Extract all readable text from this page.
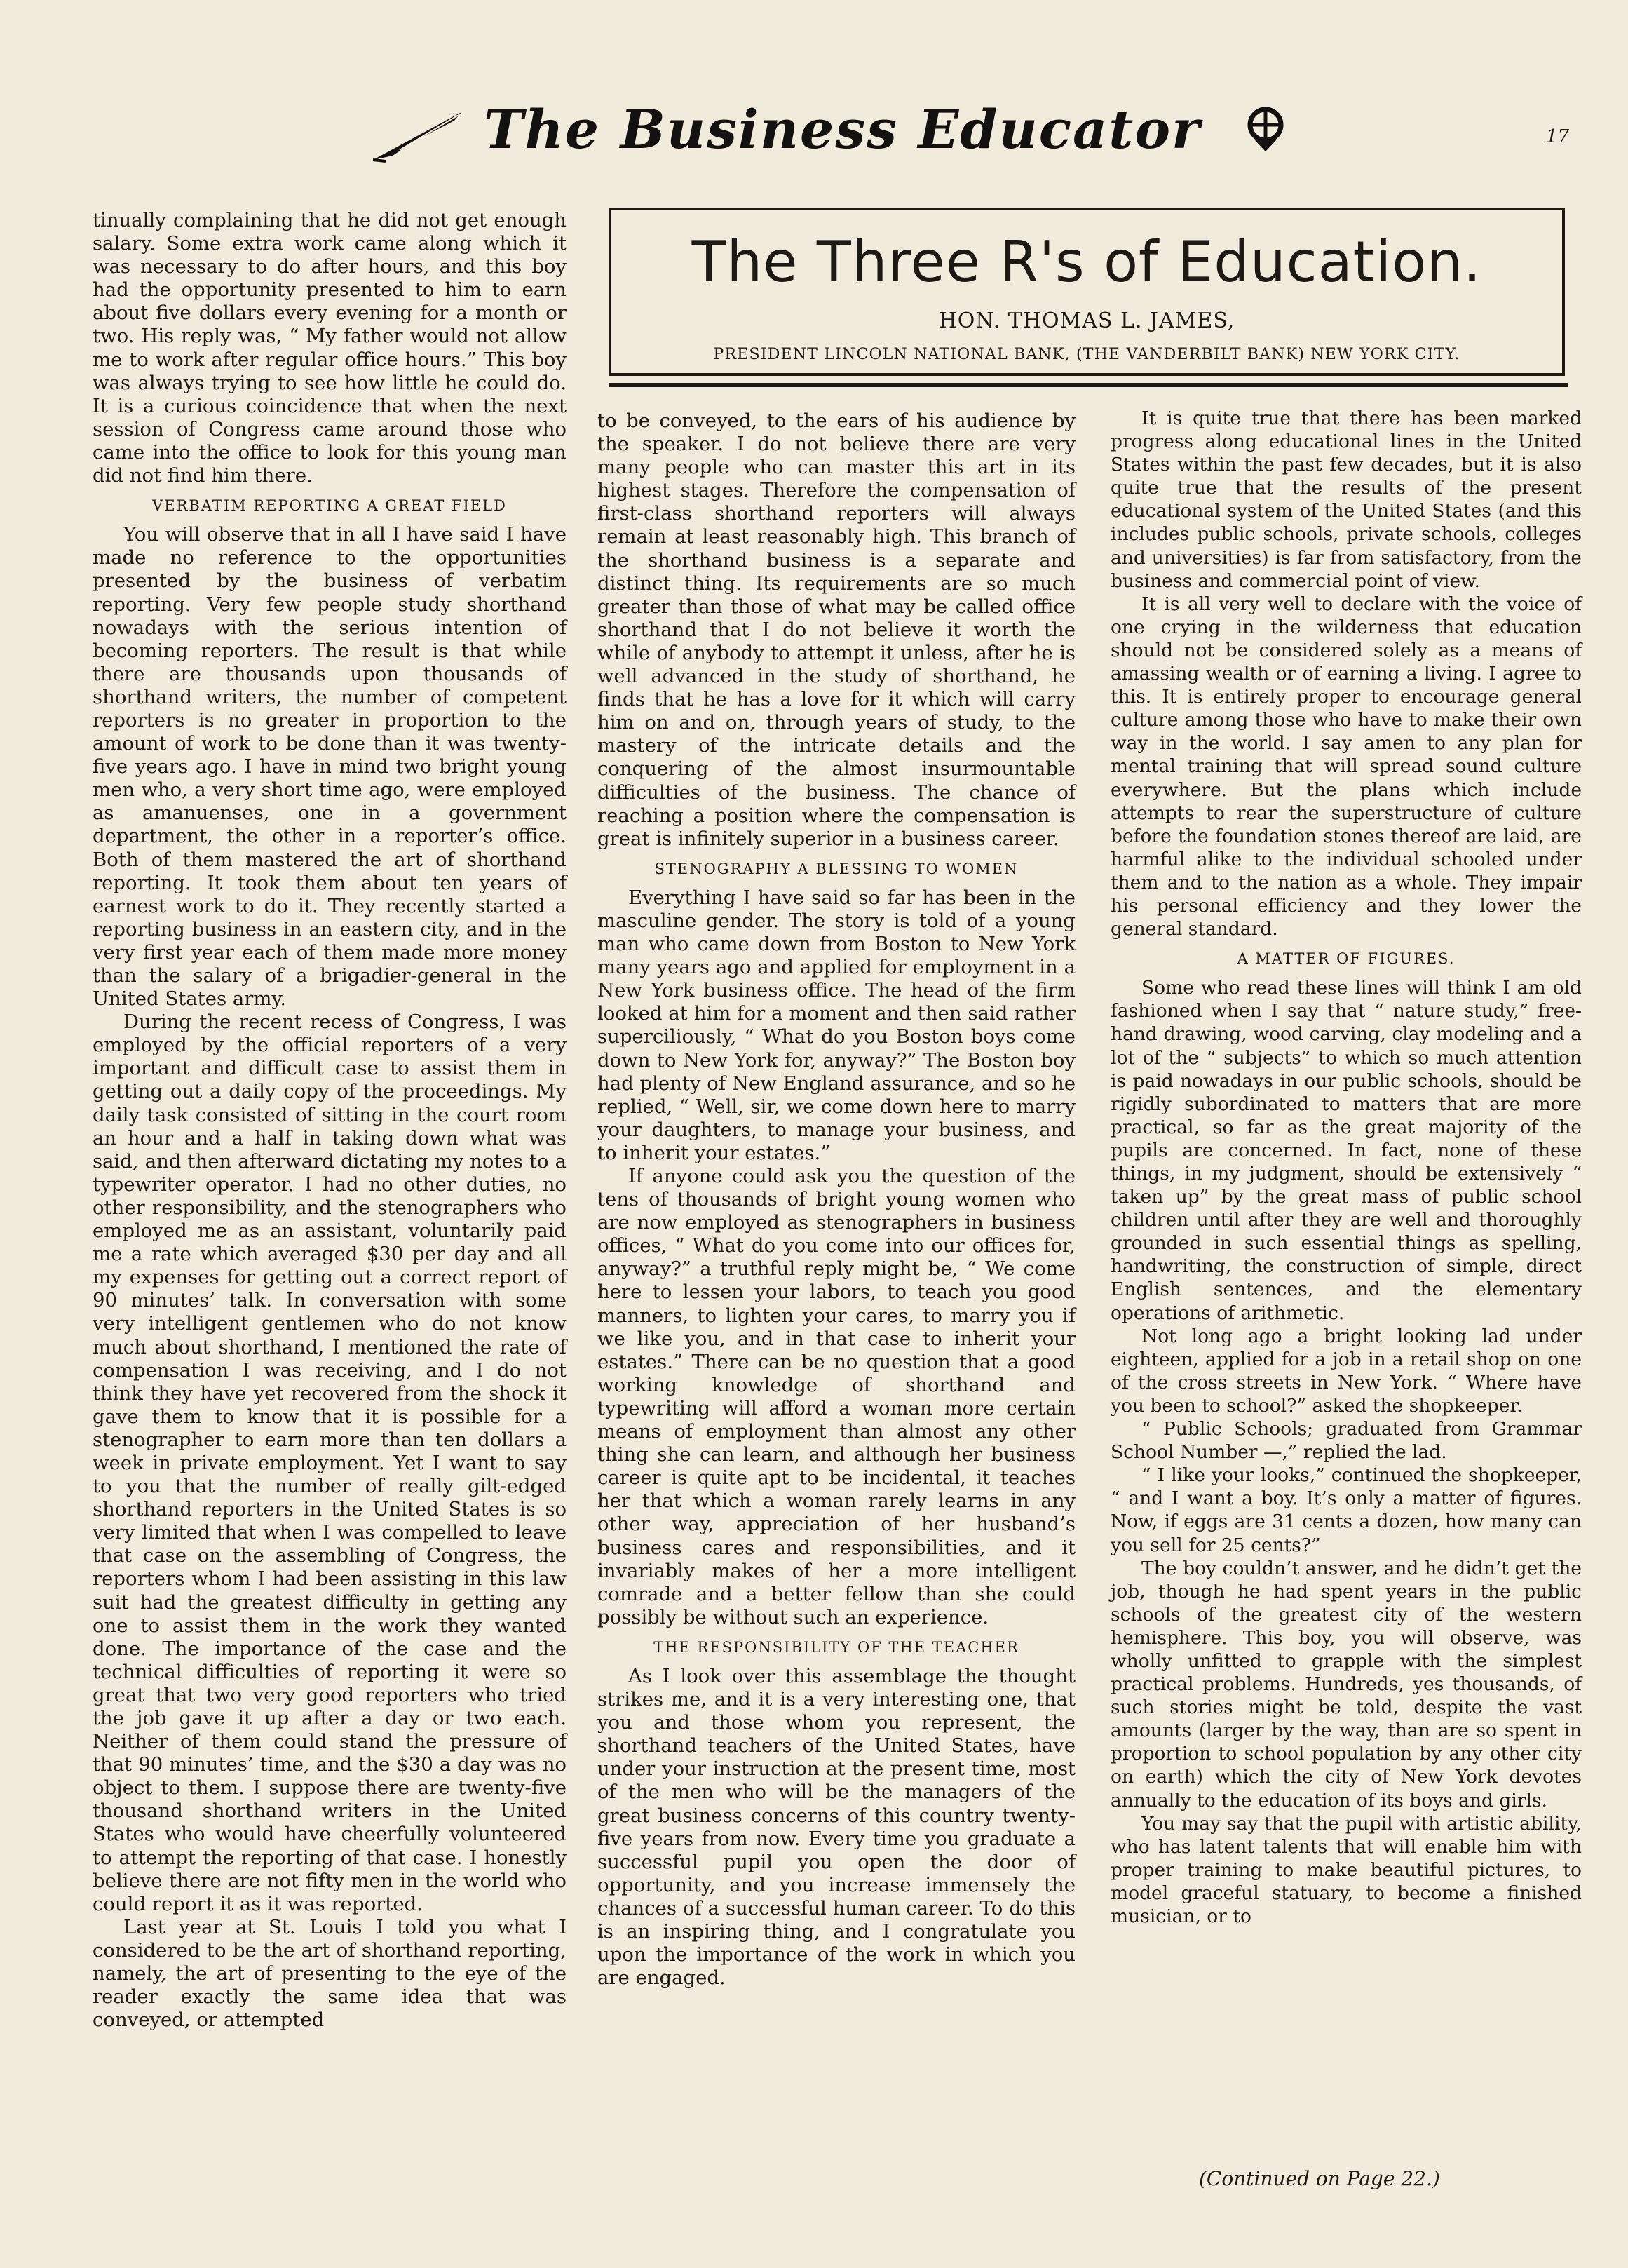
The Business Educator	17

tinually complaining that he did not get enough salary. Some extra work came along which it was necessary to do after hours, and this boy had the opportunity presented to him to earn about five dollars every evening for a month or two. His reply was, “ My father would not allow me to work after regular office hours.” This boy was always trying to see how little he could do. It is a curious coincidence that when the next session of Congress came around those who came into the office to look for this young man did not find him there.

VERBATIM REPORTING A GREAT FIELD

You will observe that in all I have said I have made no reference to the opportunities presented by the business of verbatim reporting. Very few people study shorthand nowadays with the serious intention of becoming reporters. The result is that while there are thousands upon thousands of shorthand writers, the number of competent reporters is no greater in proportion to the amount of work to be done than it was twenty-five years ago. I have in mind two bright young men who, a very short time ago, were employed as amanuenses, one in a government department, the other in a reporter’s office. Both of them mastered the art of shorthand reporting. It took them about ten years of earnest work to do it. They recently started a reporting business in an eastern city, and in the very first year each of them made more money than the salary of a brigadier-general in the United States army.

During the recent recess of Congress, I was employed by the official reporters of a very important and difficult case to assist them in getting out a daily copy of the proceedings. My daily task consisted of sitting in the court room an hour and a half in taking down what was said, and then afterward dictating my notes to a typewriter operator. I had no other duties, no other responsibility, and the stenographers who employed me as an assistant, voluntarily paid me a rate which averaged $30 per day and all my expenses for getting out a correct report of 90 minutes’ talk. In conversation with some very intelligent gentlemen who do not know much about shorthand, I mentioned the rate of compensation I was receiving, and I do not think they have yet recovered from the shock it gave them to know that it is possible for a stenographer to earn more than ten dollars a week in private employment. Yet I want to say to you that the number of really gilt-edged shorthand reporters in the United States is so very limited that when I was compelled to leave that case on the assembling of Congress, the reporters whom I had been assisting in this law suit had the greatest difficulty in getting any one to assist them in the work they wanted done. The importance of the case and the technical difficulties of reporting it were so great that two very good reporters who tried the job gave it up after a day or two each. Neither of them could stand the pressure of that 90 minutes’ time, and the $30 a day was no object to them. I suppose there are twenty-five thousand shorthand writers in the United States who would have cheerfully volunteered to attempt the reporting of that case. I honestly believe there are not fifty men in the world who could report it as it was reported.

Last year at St. Louis I told you what I considered to be the art of shorthand reporting, namely, the art of presenting to the eye of the reader exactly the same idea that was conveyed, or attempted

The Three R's of Education.
HON. THOMAS L. JAMES,
PRESIDENT LINCOLN NATIONAL BANK, (THE VANDERBILT BANK) NEW YORK CITY.

to be conveyed, to the ears of his audience by the speaker. I do not believe there are very many people who can master this art in its highest stages. Therefore the compensation of first-class shorthand reporters will always remain at least reasonably high. This branch of the shorthand business is a separate and distinct thing. Its requirements are so much greater than those of what may be called office shorthand that I do not believe it worth the while of anybody to attempt it unless, after he is well advanced in the study of shorthand, he finds that he has a love for it which will carry him on and on, through years of study, to the mastery of the intricate details and the conquering of the almost insurmountable difficulties of the business. The chance of reaching a position where the compensation is great is infinitely superior in a business career.

STENOGRAPHY A BLESSING TO WOMEN

Everything I have said so far has been in the masculine gender. The story is told of a young man who came down from Boston to New York many years ago and applied for employment in a New York business office. The head of the firm looked at him for a moment and then said rather superciliously, “ What do you Boston boys come down to New York for, anyway?” The Boston boy had plenty of New England assurance, and so he replied, “ Well, sir, we come down here to marry your daughters, to manage your business, and to inherit your estates.”

If anyone could ask you the question of the tens of thousands of bright young women who are now employed as stenographers in business offices, “ What do you come into our offices for, anyway?” a truthful reply might be, “ We come here to lessen your labors, to teach you good manners, to lighten your cares, to marry you if we like you, and in that case to inherit your estates.” There can be no question that a good working knowledge of shorthand and typewriting will afford a woman more certain means of employment than almost any other thing she can learn, and although her business career is quite apt to be incidental, it teaches her that which a woman rarely learns in any other way, appreciation of her husband’s business cares and responsibilities, and it invariably makes of her a more intelligent comrade and a better fellow than she could possibly be without such an experience.

THE RESPONSIBILITY OF THE TEACHER

As I look over this assemblage the thought strikes me, and it is a very interesting one, that you and those whom you represent, the shorthand teachers of the United States, have under your instruction at the present time, most of the men who will be the managers of the great business concerns of this country twenty-five years from now. Every time you graduate a successful pupil you open the door of opportunity, and you increase immensely the chances of a successful human career. To do this is an inspiring thing, and I congratulate you upon the importance of the work in which you are engaged.

It is quite true that there has been marked progress along educational lines in the United States within the past few decades, but it is also quite true that the results of the present educational system of the United States (and this includes public schools, private schools, colleges and universities) is far from satisfactory, from the business and commercial point of view.

It is all very well to declare with the voice of one crying in the wilderness that education should not be considered solely as a means of amassing wealth or of earning a living. I agree to this. It is entirely proper to encourage general culture among those who have to make their own way in the world. I say amen to any plan for mental training that will spread sound culture everywhere. But the plans which include attempts to rear the superstructure of culture before the foundation stones thereof are laid, are harmful alike to the individual schooled under them and to the nation as a whole. They impair his personal efficiency and they lower the general standard.

A MATTER OF FIGURES.

Some who read these lines will think I am old fashioned when I say that “ nature study,” free-hand drawing, wood carving, clay modeling and a lot of the “ subjects” to which so much attention is paid nowadays in our public schools, should be rigidly subordinated to matters that are more practical, so far as the great majority of the pupils are concerned. In fact, none of these things, in my judgment, should be extensively “ taken up” by the great mass of public school children until after they are well and thoroughly grounded in such essential things as spelling, handwriting, the construction of simple, direct English sentences, and the elementary operations of arithmetic.

Not long ago a bright looking lad under eighteen, applied for a job in a retail shop on one of the cross streets in New York. “ Where have you been to school?” asked the shopkeeper.

“ Public Schools; graduated from Grammar School Number —,” replied the lad.

“ I like your looks,” continued the shopkeeper, “ and I want a boy. It’s only a matter of figures. Now, if eggs are 31 cents a dozen, how many can you sell for 25 cents?”

The boy couldn’t answer, and he didn’t get the job, though he had spent years in the public schools of the greatest city of the western hemisphere. This boy, you will observe, was wholly unfitted to grapple with the simplest practical problems. Hundreds, yes thousands, of such stories might be told, despite the vast amounts (larger by the way, than are so spent in proportion to school population by any other city on earth) which the city of New York devotes annually to the education of its boys and girls.

You may say that the pupil with artistic ability, who has latent talents that will enable him with proper training to make beautiful pictures, to model graceful statuary, to become a finished musician, or to

(Continued on Page 22.)
